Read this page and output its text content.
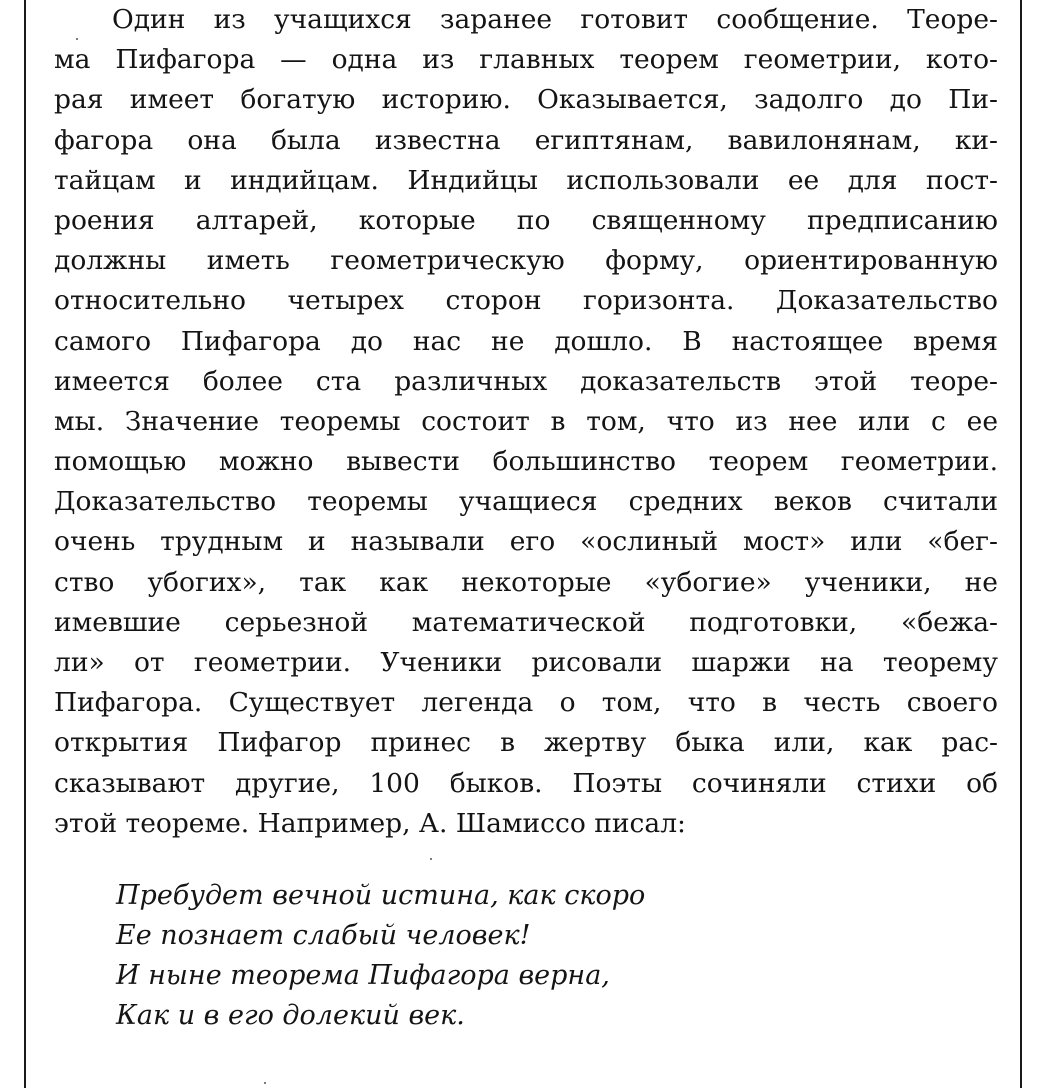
Один из учащихся заранее готовит сообщение. Теоре-
ма Пифагора — одна из главных теорем геометрии, кото-
рая имеет богатую историю. Оказывается, задолго до Пи-
фагора она была известна египтянам, вавилонянам, ки-
тайцам и индийцам. Индийцы использовали ее для пост-
роения алтарей, которые по священному предписанию
должны иметь геометрическую форму, ориентированную
относительно четырех сторон горизонта. Доказательство
самого Пифагора до нас не дошло. В настоящее время
имеется более ста различных доказательств этой теоре-
мы. Значение теоремы состоит в том, что из нее или с ее
помощью можно вывести большинство теорем геометрии.
Доказательство теоремы учащиеся средних веков считали
очень трудным и называли его «ослиный мост» или «бег-
ство убогих», так как некоторые «убогие» ученики, не
имевшие серьезной математической подготовки, «бежа-
ли» от геометрии. Ученики рисовали шаржи на теорему
Пифагора. Существует легенда о том, что в честь своего
открытия Пифагор принес в жертву быка или, как рас-
сказывают другие, 100 быков. Поэты сочиняли стихи об
этой теореме. Например, А. Шамиссо писал:
Пребудет вечной истина, как скоро
Ее познает слабый человек!
И ныне теорема Пифагора верна,
Как и в его долекий век.
